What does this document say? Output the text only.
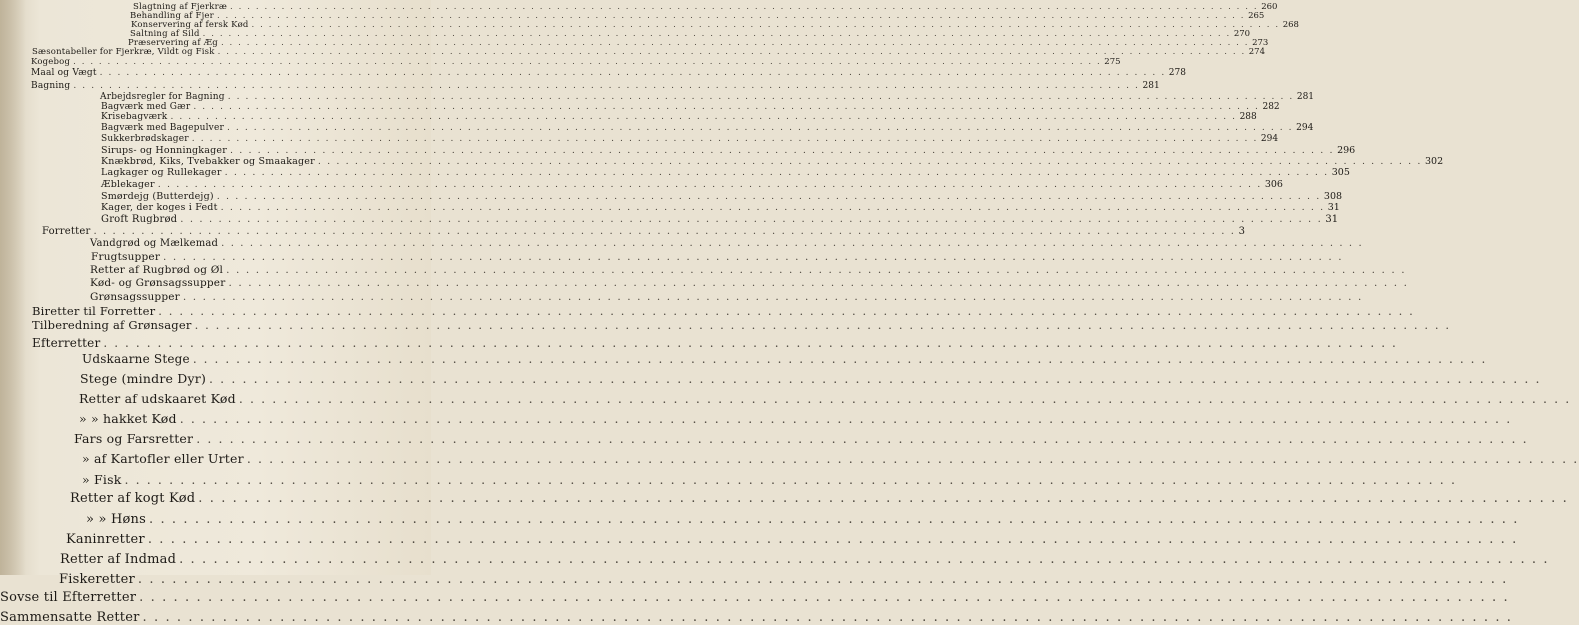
Slagtning af Fjerkræ . . . . . . . . . . . . . . . . . . . . . . . . . . . . . . . . . . . . . . . . . . . . . . . . . . . . . . . . . . . . . . . . . . . . . . . . . . . . . . . . . . . . . . . . . . . . . . . . . . . . . . . . . . . . . . . . . . . . . . . . 260
Behandling af Fjer . . . . . . . . . . . . . . . . . . . . . . . . . . . . . . . . . . . . . . . . . . . . . . . . . . . . . . . . . . . . . . . . . . . . . . . . . . . . . . . . . . . . . . . . . . . . . . . . . . . . . . . . . . . . . . . . . . . . . . . . 265
Konservering af fersk Kød . . . . . . . . . . . . . . . . . . . . . . . . . . . . . . . . . . . . . . . . . . . . . . . . . . . . . . . . . . . . . . . . . . . . . . . . . . . . . . . . . . . . . . . . . . . . . . . . . . . . . . . . . . . . . . . . . . . . . . . . 268
Saltning af Sild . . . . . . . . . . . . . . . . . . . . . . . . . . . . . . . . . . . . . . . . . . . . . . . . . . . . . . . . . . . . . . . . . . . . . . . . . . . . . . . . . . . . . . . . . . . . . . . . . . . . . . . . . . . . . . . . . . . . . . . . 270
Præservering af Æg . . . . . . . . . . . . . . . . . . . . . . . . . . . . . . . . . . . . . . . . . . . . . . . . . . . . . . . . . . . . . . . . . . . . . . . . . . . . . . . . . . . . . . . . . . . . . . . . . . . . . . . . . . . . . . . . . . . . . . . . 273
Sæsontabeller for Fjerkræ, Vildt og Fisk . . . . . . . . . . . . . . . . . . . . . . . . . . . . . . . . . . . . . . . . . . . . . . . . . . . . . . . . . . . . . . . . . . . . . . . . . . . . . . . . . . . . . . . . . . . . . . . . . . . . . . . . . . . . . . . . . . . . . . . . 274
Kogebog . . . . . . . . . . . . . . . . . . . . . . . . . . . . . . . . . . . . . . . . . . . . . . . . . . . . . . . . . . . . . . . . . . . . . . . . . . . . . . . . . . . . . . . . . . . . . . . . . . . . . . . . . . . . . . . . . . . . . . . . 275
Maal og Vægt . . . . . . . . . . . . . . . . . . . . . . . . . . . . . . . . . . . . . . . . . . . . . . . . . . . . . . . . . . . . . . . . . . . . . . . . . . . . . . . . . . . . . . . . . . . . . . . . . . . . . . . . . . . . . . . . . . . . . . . . 278
Bagning . . . . . . . . . . . . . . . . . . . . . . . . . . . . . . . . . . . . . . . . . . . . . . . . . . . . . . . . . . . . . . . . . . . . . . . . . . . . . . . . . . . . . . . . . . . . . . . . . . . . . . . . . . . . . . . . . . . . . . . . 281
Arbejdsregler for Bagning . . . . . . . . . . . . . . . . . . . . . . . . . . . . . . . . . . . . . . . . . . . . . . . . . . . . . . . . . . . . . . . . . . . . . . . . . . . . . . . . . . . . . . . . . . . . . . . . . . . . . . . . . . . . . . . . . . . . . . . . 281
Bagværk med Gær . . . . . . . . . . . . . . . . . . . . . . . . . . . . . . . . . . . . . . . . . . . . . . . . . . . . . . . . . . . . . . . . . . . . . . . . . . . . . . . . . . . . . . . . . . . . . . . . . . . . . . . . . . . . . . . . . . . . . . . . 282
Krisebagværk . . . . . . . . . . . . . . . . . . . . . . . . . . . . . . . . . . . . . . . . . . . . . . . . . . . . . . . . . . . . . . . . . . . . . . . . . . . . . . . . . . . . . . . . . . . . . . . . . . . . . . . . . . . . . . . . . . . . . . . . 288
Bagværk med Bagepulver . . . . . . . . . . . . . . . . . . . . . . . . . . . . . . . . . . . . . . . . . . . . . . . . . . . . . . . . . . . . . . . . . . . . . . . . . . . . . . . . . . . . . . . . . . . . . . . . . . . . . . . . . . . . . . . . . . . . . . . . 294
Sukkerbrødskager . . . . . . . . . . . . . . . . . . . . . . . . . . . . . . . . . . . . . . . . . . . . . . . . . . . . . . . . . . . . . . . . . . . . . . . . . . . . . . . . . . . . . . . . . . . . . . . . . . . . . . . . . . . . . . . . . . . . . . . . 294
Sirups- og Honningkager . . . . . . . . . . . . . . . . . . . . . . . . . . . . . . . . . . . . . . . . . . . . . . . . . . . . . . . . . . . . . . . . . . . . . . . . . . . . . . . . . . . . . . . . . . . . . . . . . . . . . . . . . . . . . . . . . . . . . . . . 296
Knækbrød, Kiks, Tvebakker og Smaakager . . . . . . . . . . . . . . . . . . . . . . . . . . . . . . . . . . . . . . . . . . . . . . . . . . . . . . . . . . . . . . . . . . . . . . . . . . . . . . . . . . . . . . . . . . . . . . . . . . . . . . . . . . . . . . . . . . . . . . . . 302
Lagkager og Rullekager . . . . . . . . . . . . . . . . . . . . . . . . . . . . . . . . . . . . . . . . . . . . . . . . . . . . . . . . . . . . . . . . . . . . . . . . . . . . . . . . . . . . . . . . . . . . . . . . . . . . . . . . . . . . . . . . . . . . . . . . 305
Æblekager . . . . . . . . . . . . . . . . . . . . . . . . . . . . . . . . . . . . . . . . . . . . . . . . . . . . . . . . . . . . . . . . . . . . . . . . . . . . . . . . . . . . . . . . . . . . . . . . . . . . . . . . . . . . . . . . . . . . . . . . 306
Smørdejg (Butterdejg) . . . . . . . . . . . . . . . . . . . . . . . . . . . . . . . . . . . . . . . . . . . . . . . . . . . . . . . . . . . . . . . . . . . . . . . . . . . . . . . . . . . . . . . . . . . . . . . . . . . . . . . . . . . . . . . . . . . . . . . . 308
Kager, der koges i Fedt . . . . . . . . . . . . . . . . . . . . . . . . . . . . . . . . . . . . . . . . . . . . . . . . . . . . . . . . . . . . . . . . . . . . . . . . . . . . . . . . . . . . . . . . . . . . . . . . . . . . . . . . . . . . . . . . . . . . . . . . 31
Groft Rugbrød . . . . . . . . . . . . . . . . . . . . . . . . . . . . . . . . . . . . . . . . . . . . . . . . . . . . . . . . . . . . . . . . . . . . . . . . . . . . . . . . . . . . . . . . . . . . . . . . . . . . . . . . . . . . . . . . . . . . . . . . 31
Forretter . . . . . . . . . . . . . . . . . . . . . . . . . . . . . . . . . . . . . . . . . . . . . . . . . . . . . . . . . . . . . . . . . . . . . . . . . . . . . . . . . . . . . . . . . . . . . . . . . . . . . . . . . . . . . . . . . . . . . . . . 3
Vandgrød og Mælkemad . . . . . . . . . . . . . . . . . . . . . . . . . . . . . . . . . . . . . . . . . . . . . . . . . . . . . . . . . . . . . . . . . . . . . . . . . . . . . . . . . . . . . . . . . . . . . . . . . . . . . . . . . . . . . . . . . . . . . . . .
Frugtsupper . . . . . . . . . . . . . . . . . . . . . . . . . . . . . . . . . . . . . . . . . . . . . . . . . . . . . . . . . . . . . . . . . . . . . . . . . . . . . . . . . . . . . . . . . . . . . . . . . . . . . . . . . . . . . . . . . . . . . . . .
Retter af Rugbrød og Øl . . . . . . . . . . . . . . . . . . . . . . . . . . . . . . . . . . . . . . . . . . . . . . . . . . . . . . . . . . . . . . . . . . . . . . . . . . . . . . . . . . . . . . . . . . . . . . . . . . . . . . . . . . . . . . . . . . . . . . . .
Kød- og Grønsagssupper . . . . . . . . . . . . . . . . . . . . . . . . . . . . . . . . . . . . . . . . . . . . . . . . . . . . . . . . . . . . . . . . . . . . . . . . . . . . . . . . . . . . . . . . . . . . . . . . . . . . . . . . . . . . . . . . . . . . . . . .
Grønsagssupper . . . . . . . . . . . . . . . . . . . . . . . . . . . . . . . . . . . . . . . . . . . . . . . . . . . . . . . . . . . . . . . . . . . . . . . . . . . . . . . . . . . . . . . . . . . . . . . . . . . . . . . . . . . . . . . . . . . . . . . .
Biretter til Forretter . . . . . . . . . . . . . . . . . . . . . . . . . . . . . . . . . . . . . . . . . . . . . . . . . . . . . . . . . . . . . . . . . . . . . . . . . . . . . . . . . . . . . . . . . . . . . . . . . . . . . . . . . . . . . . . . . . . . . . . .
Tilberedning af Grønsager . . . . . . . . . . . . . . . . . . . . . . . . . . . . . . . . . . . . . . . . . . . . . . . . . . . . . . . . . . . . . . . . . . . . . . . . . . . . . . . . . . . . . . . . . . . . . . . . . . . . . . . . . . . . . . . . . . . . . . . .
Efterretter . . . . . . . . . . . . . . . . . . . . . . . . . . . . . . . . . . . . . . . . . . . . . . . . . . . . . . . . . . . . . . . . . . . . . . . . . . . . . . . . . . . . . . . . . . . . . . . . . . . . . . . . . . . . . . . . . . . . . . . .
Udskaarne Stege . . . . . . . . . . . . . . . . . . . . . . . . . . . . . . . . . . . . . . . . . . . . . . . . . . . . . . . . . . . . . . . . . . . . . . . . . . . . . . . . . . . . . . . . . . . . . . . . . . . . . . . . . . . . . . . . . . . . . . . .
Stege (mindre Dyr) . . . . . . . . . . . . . . . . . . . . . . . . . . . . . . . . . . . . . . . . . . . . . . . . . . . . . . . . . . . . . . . . . . . . . . . . . . . . . . . . . . . . . . . . . . . . . . . . . . . . . . . . . . . . . . . . . . . . . . . .
Retter af udskaaret Kød . . . . . . . . . . . . . . . . . . . . . . . . . . . . . . . . . . . . . . . . . . . . . . . . . . . . . . . . . . . . . . . . . . . . . . . . . . . . . . . . . . . . . . . . . . . . . . . . . . . . . . . . . . . . . . . . . . . . . . . .
» » hakket Kød . . . . . . . . . . . . . . . . . . . . . . . . . . . . . . . . . . . . . . . . . . . . . . . . . . . . . . . . . . . . . . . . . . . . . . . . . . . . . . . . . . . . . . . . . . . . . . . . . . . . . . . . . . . . . . . . . . . . . . . .
Fars og Farsretter . . . . . . . . . . . . . . . . . . . . . . . . . . . . . . . . . . . . . . . . . . . . . . . . . . . . . . . . . . . . . . . . . . . . . . . . . . . . . . . . . . . . . . . . . . . . . . . . . . . . . . . . . . . . . . . . . . . . . . . .
» af Kartofler eller Urter . . . . . . . . . . . . . . . . . . . . . . . . . . . . . . . . . . . . . . . . . . . . . . . . . . . . . . . . . . . . . . . . . . . . . . . . . . . . . . . . . . . . . . . . . . . . . . . . . . . . . . . . . . . . . . . . . . . . . . . .
» Fisk . . . . . . . . . . . . . . . . . . . . . . . . . . . . . . . . . . . . . . . . . . . . . . . . . . . . . . . . . . . . . . . . . . . . . . . . . . . . . . . . . . . . . . . . . . . . . . . . . . . . . . . . . . . . . . . . . . . . . . . .
Retter af kogt Kød . . . . . . . . . . . . . . . . . . . . . . . . . . . . . . . . . . . . . . . . . . . . . . . . . . . . . . . . . . . . . . . . . . . . . . . . . . . . . . . . . . . . . . . . . . . . . . . . . . . . . . . . . . . . . . . . . . . . . . . .
» » Høns . . . . . . . . . . . . . . . . . . . . . . . . . . . . . . . . . . . . . . . . . . . . . . . . . . . . . . . . . . . . . . . . . . . . . . . . . . . . . . . . . . . . . . . . . . . . . . . . . . . . . . . . . . . . . . . . . . . . . . . .
Kaninretter . . . . . . . . . . . . . . . . . . . . . . . . . . . . . . . . . . . . . . . . . . . . . . . . . . . . . . . . . . . . . . . . . . . . . . . . . . . . . . . . . . . . . . . . . . . . . . . . . . . . . . . . . . . . . . . . . . . . . . . .
Retter af Indmad . . . . . . . . . . . . . . . . . . . . . . . . . . . . . . . . . . . . . . . . . . . . . . . . . . . . . . . . . . . . . . . . . . . . . . . . . . . . . . . . . . . . . . . . . . . . . . . . . . . . . . . . . . . . . . . . . . . . . . . .
Fiskeretter . . . . . . . . . . . . . . . . . . . . . . . . . . . . . . . . . . . . . . . . . . . . . . . . . . . . . . . . . . . . . . . . . . . . . . . . . . . . . . . . . . . . . . . . . . . . . . . . . . . . . . . . . . . . . . . . . . . . . . . .
Sovse til Efterretter . . . . . . . . . . . . . . . . . . . . . . . . . . . . . . . . . . . . . . . . . . . . . . . . . . . . . . . . . . . . . . . . . . . . . . . . . . . . . . . . . . . . . . . . . . . . . . . . . . . . . . . . . . . . . . . . . . . . . . . .
Sammensatte Retter . . . . . . . . . . . . . . . . . . . . . . . . . . . . . . . . . . . . . . . . . . . . . . . . . . . . . . . . . . . . . . . . . . . . . . . . . . . . . . . . . . . . . . . . . . . . . . . . . . . . . . . . . . . . . . . . . . . . . . . .
